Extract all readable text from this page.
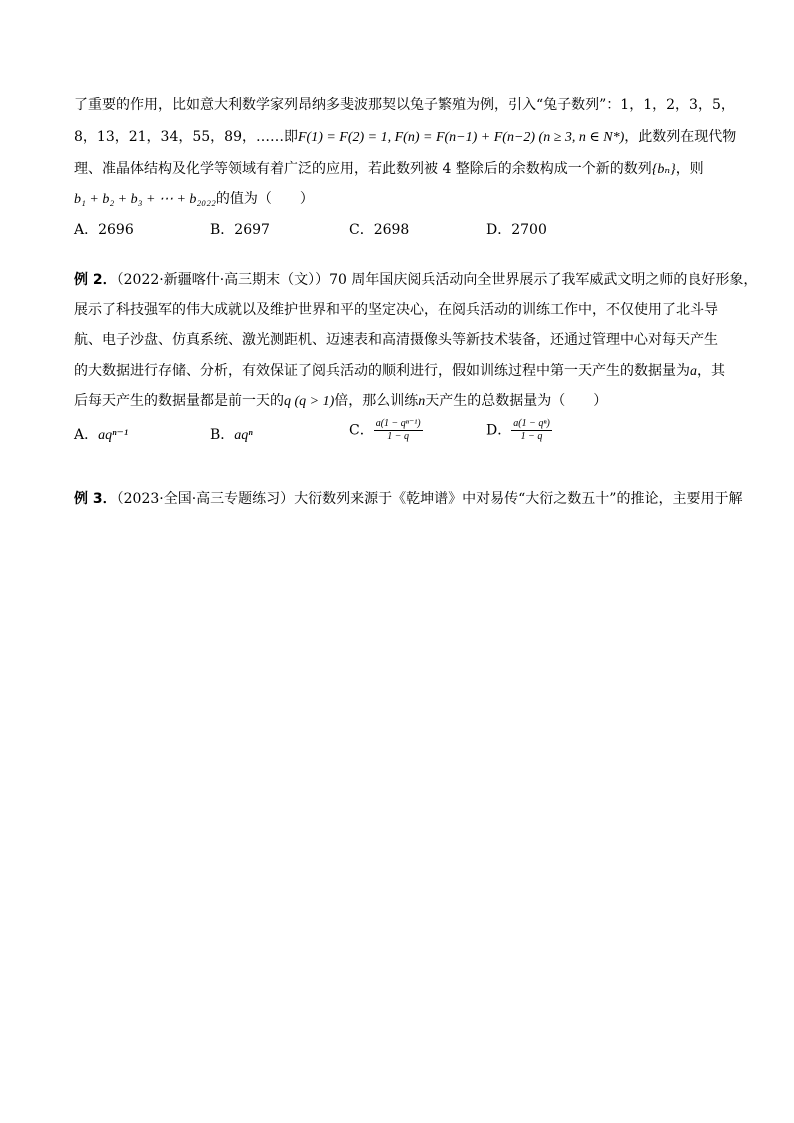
了重要的作用，比如意大利数学家列昂纳多斐波那契以兔子繁殖为例，引入“兔子数列”：1，1，2，3，5，
8，13，21，34，55，89，……即F(1) = F(2) = 1, F(n) = F(n−1) + F(n−2) (n ≥ 3, n ∈ N*)，此数列在现代物
理、准晶体结构及化学等领域有着广泛的应用，若此数列被 4 整除后的余数构成一个新的数列{bₙ}，则
b₁ + b₂ + b₃ + ⋯ + b₂₀₂₂的值为（　　）
A．2696	B．2697	C．2698	D．2700
例 2．（2022·新疆喀什·高三期末（文））70 周年国庆阅兵活动向全世界展示了我军威武文明之师的良好形象，
展示了科技强军的伟大成就以及维护世界和平的坚定决心，在阅兵活动的训练工作中，不仅使用了北斗导
航、电子沙盘、仿真系统、激光测距机、迈速表和高清摄像头等新技术装备，还通过管理中心对每天产生
的大数据进行存储、分析，有效保证了阅兵活动的顺利进行，假如训练过程中第一天产生的数据量为a，其
后每天产生的数据量都是前一天的q (q > 1)倍，那么训练n天产生的总数据量为（　　）
A．aqⁿ⁻¹	B．aqⁿ	C． $\frac{\text{a(1 − qⁿ⁻¹)}}{1 - q}$	D． $\frac{\text{a(1 − qⁿ)}}{1 - q}$
例 3．（2023·全国·高三专题练习）大衍数列来源于《乾坤谱》中对易传“大衍之数五十”的推论，主要用于解
